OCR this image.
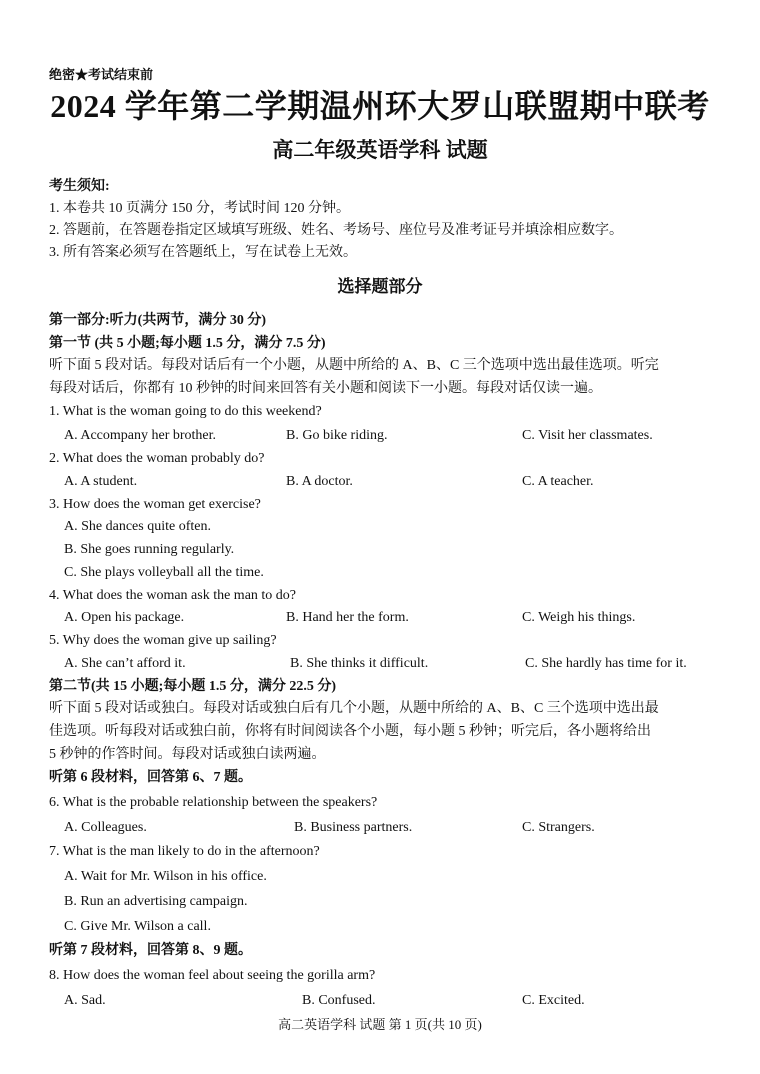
绝密★考试结束前
2024 学年第二学期温州环大罗山联盟期中联考
高二年级英语学科 试题
考生须知:
1. 本卷共 10 页满分 150 分，考试时间 120 分钟。
2. 答题前，在答题卷指定区域填写班级、姓名、考场号、座位号及准考证号并填涂相应数字。
3. 所有答案必须写在答题纸上，写在试卷上无效。
选择题部分
第一部分:听力(共两节，满分 30 分)
第一节 (共 5 小题;每小题 1.5 分，满分 7.5 分)
听下面 5 段对话。每段对话后有一个小题，从题中所给的 A、B、C 三个选项中选出最佳选项。听完
每段对话后，你都有 10 秒钟的时间来回答有关小题和阅读下一小题。每段对话仅读一遍。
1. What is the woman going to do this weekend?
A. Accompany her brother.	B. Go bike riding.	C. Visit her classmates.
2. What does the woman probably do?
A. A student.	B. A doctor.	C. A teacher.
3. How does the woman get exercise?
A. She dances quite often.
B. She goes running regularly.
C. She plays volleyball all the time.
4. What does the woman ask the man to do?
A. Open his package.	B. Hand her the form.	C. Weigh his things.
5. Why does the woman give up sailing?
A. She can’t afford it.	B. She thinks it difficult.	C. She hardly has time for it.
第二节(共 15 小题;每小题 1.5 分，满分 22.5 分)
听下面 5 段对话或独白。每段对话或独白后有几个小题，从题中所给的 A、B、C 三个选项中选出最
佳选项。听每段对话或独白前，你将有时间阅读各个小题，每小题 5 秒钟；听完后，各小题将给出
5 秒钟的作答时间。每段对话或独白读两遍。
听第 6 段材料，回答第 6、7 题。
6. What is the probable relationship between the speakers?
A. Colleagues.	B. Business partners.	C. Strangers.
7. What is the man likely to do in the afternoon?
A. Wait for Mr. Wilson in his office.
B. Run an advertising campaign.
C. Give Mr. Wilson a call.
听第 7 段材料，回答第 8、9 题。
8. How does the woman feel about seeing the gorilla arm?
A. Sad.	B. Confused.	C. Excited.
高二英语学科 试题 第 1 页(共 10 页)
